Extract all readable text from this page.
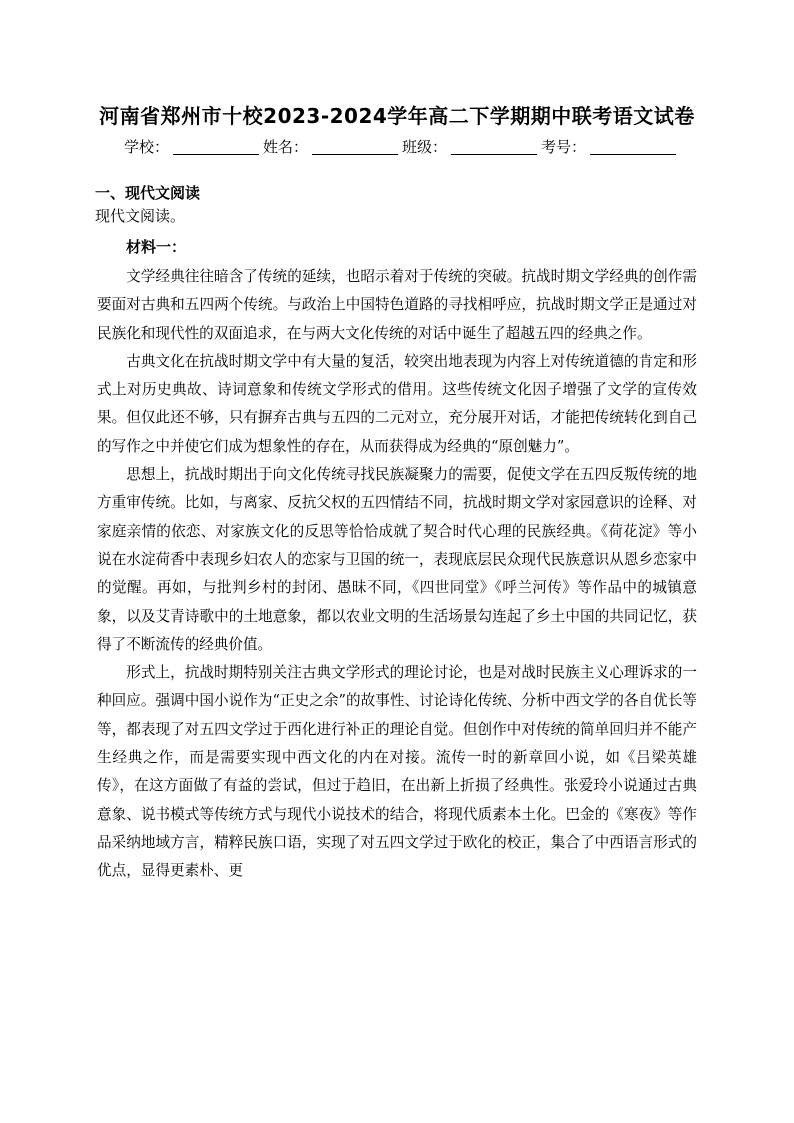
河南省郑州市十校2023-2024学年高二下学期期中联考语文试卷
学校：	姓名：	班级：	考号：
一、现代文阅读
现代文阅读。
材料一：

文学经典往往暗含了传统的延续，也昭示着对于传统的突破。抗战时期文学经典的创作需要面对古典和五四两个传统。与政治上中国特色道路的寻找相呼应，抗战时期文学正是通过对民族化和现代性的双面追求，在与两大文化传统的对话中诞生了超越五四的经典之作。

古典文化在抗战时期文学中有大量的复活，较突出地表现为内容上对传统道德的肯定和形式上对历史典故、诗词意象和传统文学形式的借用。这些传统文化因子增强了文学的宣传效果。但仅此还不够，只有摒弃古典与五四的二元对立，充分展开对话，才能把传统转化到自己的写作之中并使它们成为想象性的存在，从而获得成为经典的“原创魅力”。

思想上，抗战时期出于向文化传统寻找民族凝聚力的需要，促使文学在五四反叛传统的地方重审传统。比如，与离家、反抗父权的五四情结不同，抗战时期文学对家园意识的诠释、对家庭亲情的依恋、对家族文化的反思等恰恰成就了契合时代心理的民族经典。《荷花淀》等小说在水淀荷香中表现乡妇农人的恋家与卫国的统一，表现底层民众现代民族意识从恩乡恋家中的觉醒。再如，与批判乡村的封闭、愚昧不同，《四世同堂》《呼兰河传》等作品中的城镇意象，以及艾青诗歌中的土地意象，都以农业文明的生活场景勾连起了乡土中国的共同记忆，获得了不断流传的经典价值。

形式上，抗战时期特别关注古典文学形式的理论讨论，也是对战时民族主义心理诉求的一种回应。强调中国小说作为“正史之余”的故事性、讨论诗化传统、分析中西文学的各自优长等等，都表现了对五四文学过于西化进行补正的理论自觉。但创作中对传统的简单回归并不能产生经典之作，而是需要实现中西文化的内在对接。流传一时的新章回小说，如《吕梁英雄传》，在这方面做了有益的尝试，但过于趋旧，在出新上折损了经典性。张爱玲小说通过古典意象、说书模式等传统方式与现代小说技术的结合，将现代质素本土化。巴金的《寒夜》等作品采纳地域方言，精粹民族口语，实现了对五四文学过于欧化的校正，集合了中西语言形式的优点，显得更素朴、更
